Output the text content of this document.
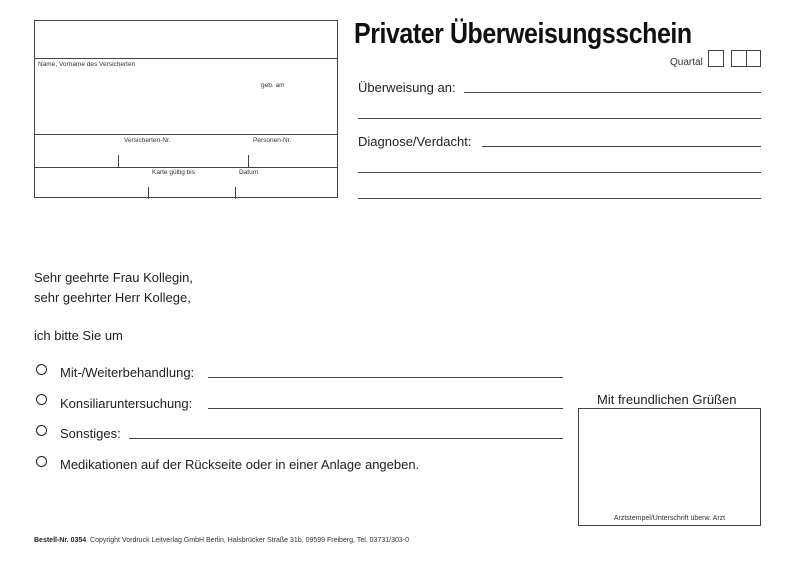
Name, Vorname des Versicherten
geb. am
Versicherten-Nr.	Personen-Nr.
Karte gültig bis	Datum
Privater Überweisungsschein
Quartal
Überweisung an:
Diagnose/Verdacht:
Sehr geehrte Frau Kollegin,
sehr geehrter Herr Kollege,
ich bitte Sie um
Mit-/Weiterbehandlung:
Konsiliaruntersuchung:
Sonstiges:
Medikationen auf der Rückseite oder in einer Anlage angeben.
Mit freundlichen Grüßen
Arztstempel/Unterschrift überw. Arzt
Bestell-Nr. 0354 Copyright Vordruck Leitverlag GmbH Berlin, Halsbrücker Straße 31b, 09599 Freiberg, Tel. 03731/303-0
